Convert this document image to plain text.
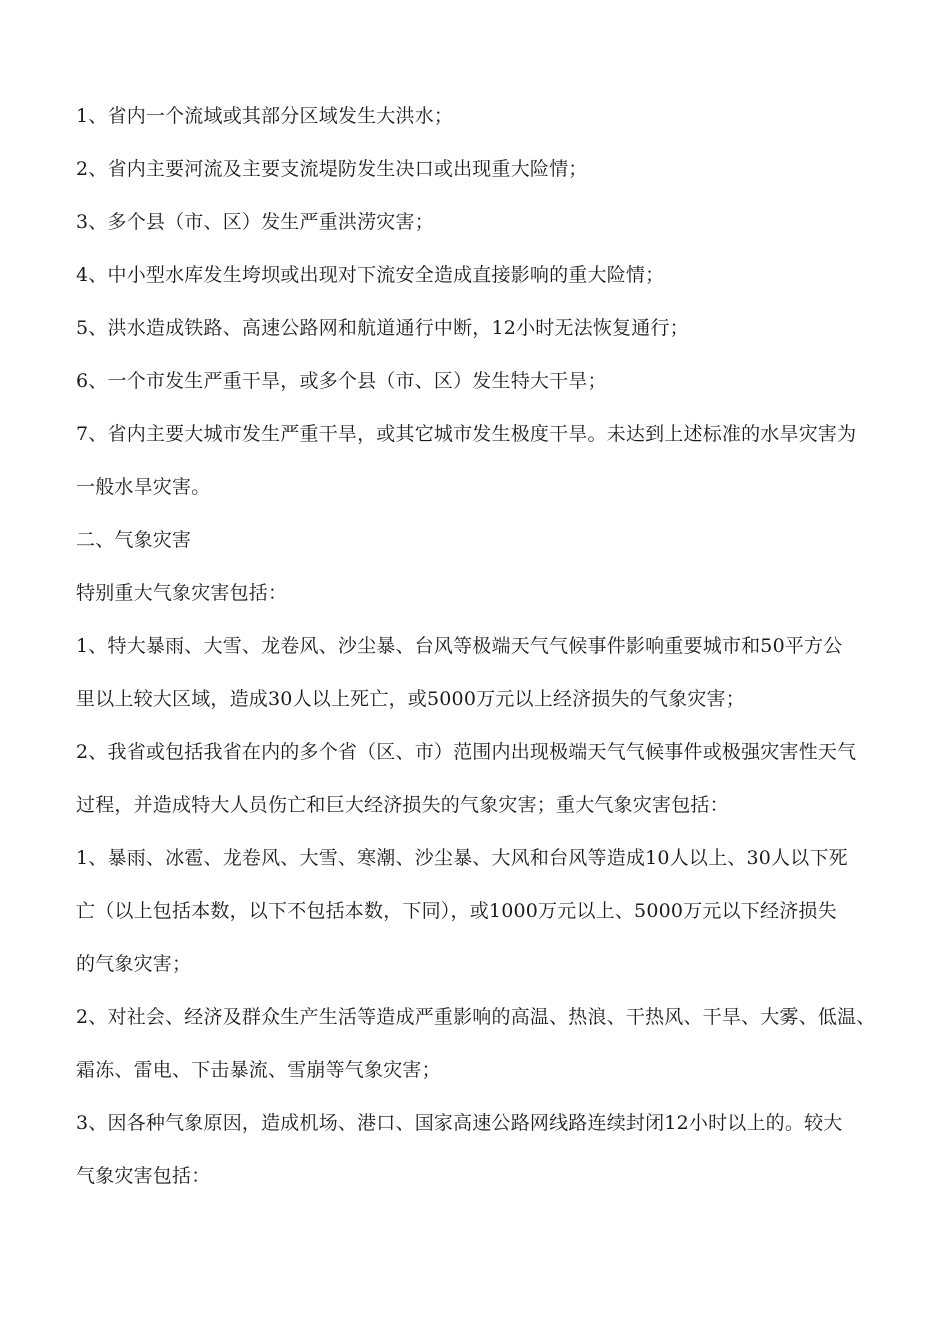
1、省内一个流域或其部分区域发生大洪水；
2、省内主要河流及主要支流堤防发生决口或出现重大险情；
3、多个县（市、区）发生严重洪涝灾害；
4、中小型水库发生垮坝或出现对下流安全造成直接影响的重大险情；
5、洪水造成铁路、高速公路网和航道通行中断，12小时无法恢复通行；
6、一个市发生严重干旱，或多个县（市、区）发生特大干旱；
7、省内主要大城市发生严重干旱，或其它城市发生极度干旱。未达到上述标准的水旱灾害为
一般水旱灾害。
二、气象灾害
特别重大气象灾害包括：
1、特大暴雨、大雪、龙卷风、沙尘暴、台风等极端天气气候事件影响重要城市和50平方公
里以上较大区域，造成30人以上死亡，或5000万元以上经济损失的气象灾害；
2、我省或包括我省在内的多个省（区、市）范围内出现极端天气气候事件或极强灾害性天气
过程，并造成特大人员伤亡和巨大经济损失的气象灾害；重大气象灾害包括：
1、暴雨、冰雹、龙卷风、大雪、寒潮、沙尘暴、大风和台风等造成10人以上、30人以下死
亡（以上包括本数，以下不包括本数，下同），或1000万元以上、5000万元以下经济损失
的气象灾害；
2、对社会、经济及群众生产生活等造成严重影响的高温、热浪、干热风、干旱、大雾、低温、
霜冻、雷电、下击暴流、雪崩等气象灾害；
3、因各种气象原因，造成机场、港口、国家高速公路网线路连续封闭12小时以上的。较大
气象灾害包括：
